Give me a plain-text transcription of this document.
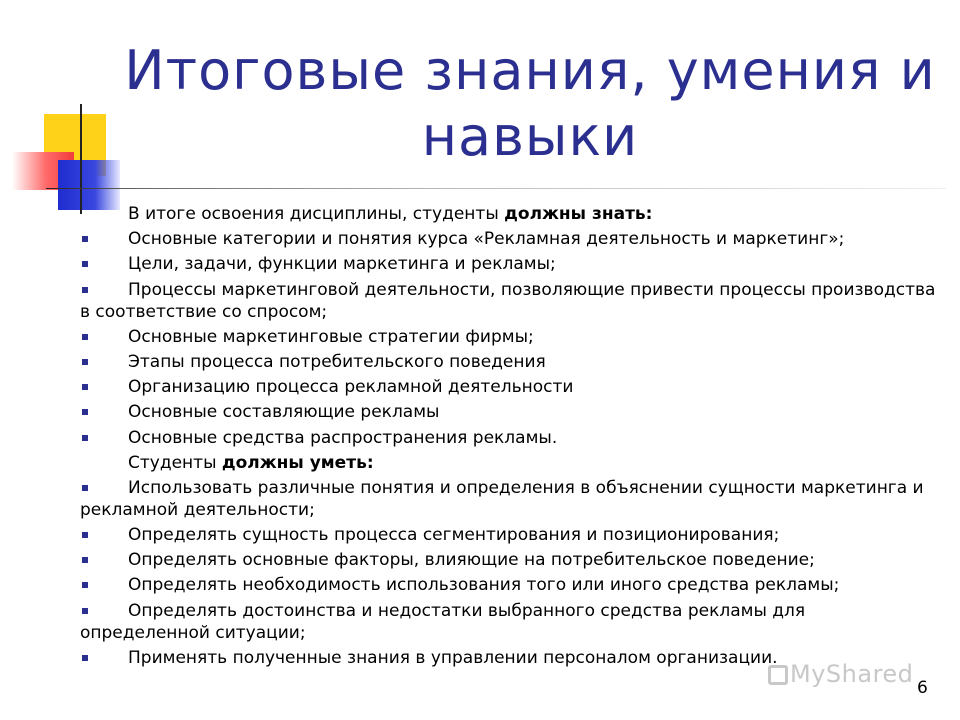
Итоговые знания, умения и навыки
В итоге освоения дисциплины, студенты должны знать:
Основные категории и понятия курса «Рекламная деятельность и маркетинг»;
Цели, задачи, функции маркетинга и рекламы;
Процессы маркетинговой деятельности, позволяющие привести процессы производства в соответствие со спросом;
Основные маркетинговые стратегии фирмы;
Этапы процесса потребительского поведения
Организацию процесса рекламной деятельности
Основные составляющие рекламы
Основные средства распространения рекламы.
Студенты должны уметь:
Использовать различные понятия и определения в объяснении сущности маркетинга и рекламной деятельности;
Определять сущность процесса сегментирования и позиционирования;
Определять основные факторы, влияющие на потребительское поведение;
Определять необходимость использования того или иного средства рекламы;
Определять достоинства и недостатки выбранного средства рекламы для определенной ситуации;
Применять полученные знания в управлении персоналом организации.
MyShared 6
